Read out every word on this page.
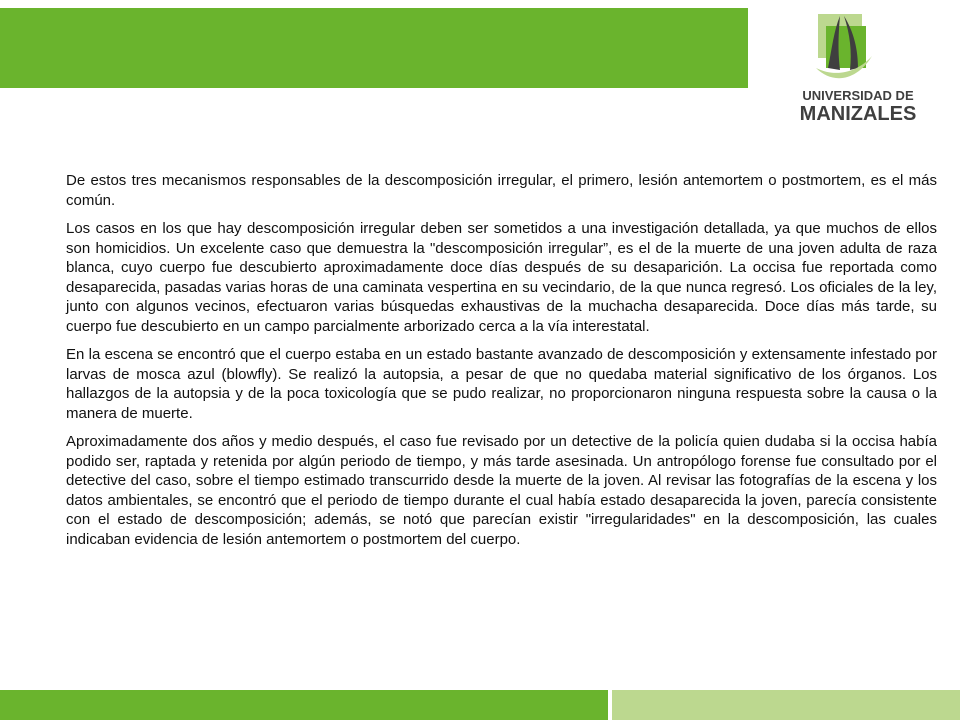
UNIVERSIDAD DE
MANIZALES

De estos tres mecanismos responsables de la descomposición irregular, el primero, lesión antemortem o postmortem, es el más común.

Los casos en los que hay descomposición irregular deben ser sometidos a una investigación detallada, ya que muchos de ellos son homicidios. Un excelente caso que demuestra la "descomposición irregular”, es el de la muerte de una joven adulta de raza blanca, cuyo cuerpo fue descubierto aproximadamente doce días después de su desaparición. La occisa fue reportada como desaparecida, pasadas varias horas de una caminata vespertina en su vecindario, de la que nunca regresó. Los oficiales de la ley, junto con algunos vecinos, efectuaron varias búsquedas exhaustivas de la muchacha desaparecida. Doce días más tarde, su cuerpo fue descubierto en un campo parcialmente arborizado cerca a la vía interestatal.

En la escena se encontró que el cuerpo estaba en un estado bastante avanzado de descomposición y extensamente infestado por larvas de mosca azul (blowfly). Se realizó la autopsia, a pesar de que no quedaba material significativo de los órganos. Los hallazgos de la autopsia y de la poca toxicología que se pudo realizar, no proporcionaron ninguna respuesta sobre la causa o la manera de muerte.

Aproximadamente dos años y medio después, el caso fue revisado por un detective de la policía quien dudaba si la occisa había podido ser, raptada y retenida por algún periodo de tiempo, y más tarde asesinada. Un antropólogo forense fue consultado por el detective del caso, sobre el tiempo estimado transcurrido desde la muerte de la joven. Al revisar las fotografías de la escena y los datos ambientales, se encontró que el periodo de tiempo durante el cual había estado desaparecida la joven, parecía consistente con el estado de descomposición; además, se notó que parecían existir "irregularidades" en la descomposición, las cuales indicaban evidencia de lesión antemortem o postmortem del cuerpo.
